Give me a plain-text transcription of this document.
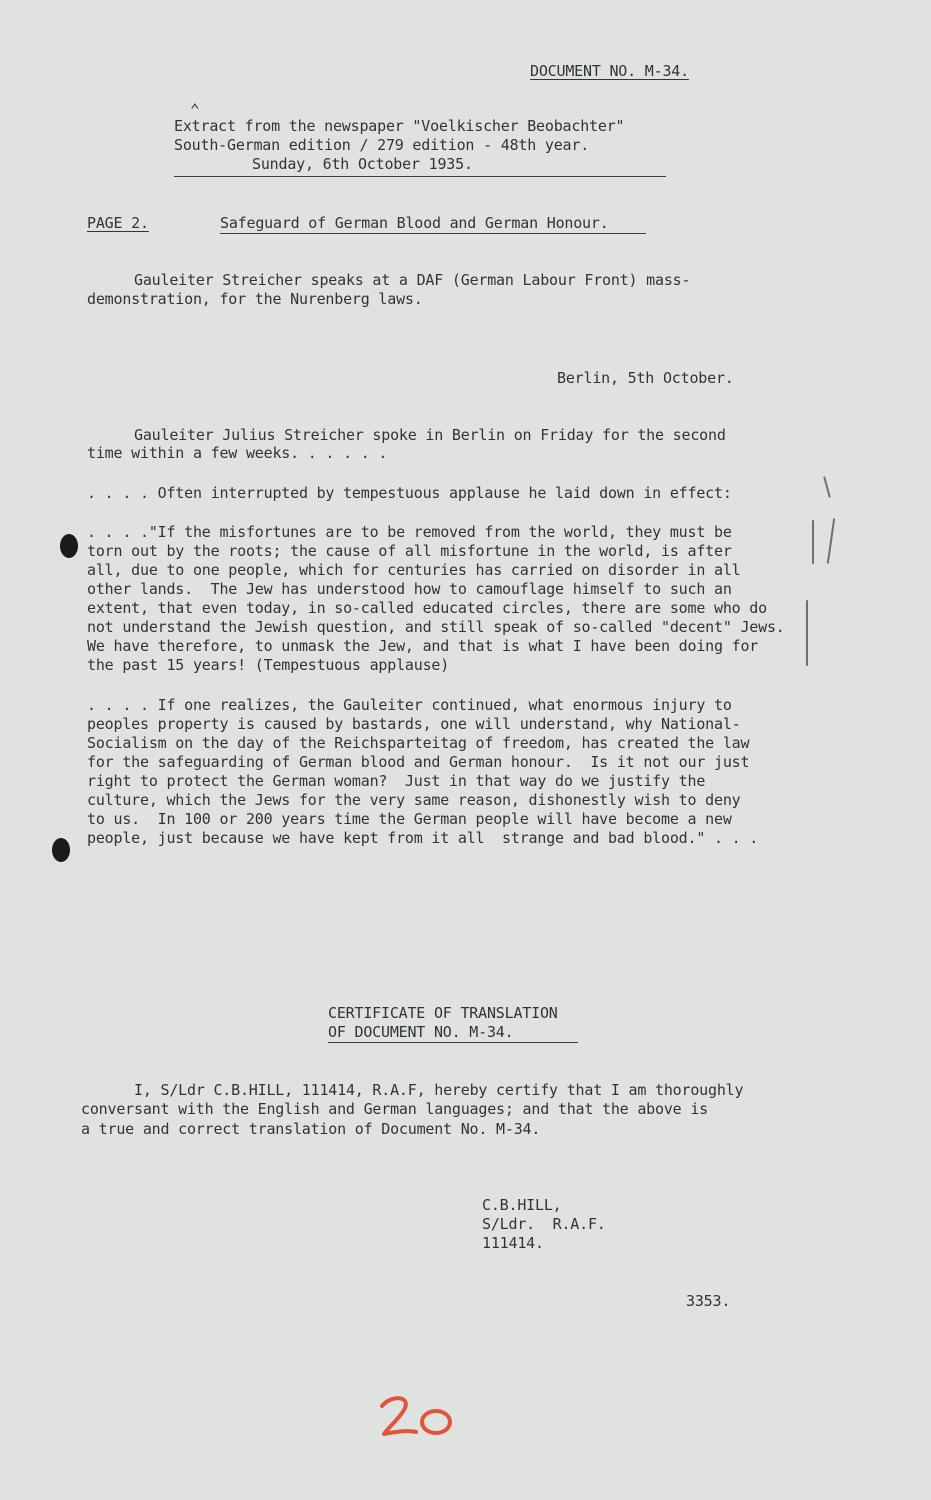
DOCUMENT NO. M-34.
⌃
Extract from the newspaper "Voelkischer Beobachter"
South-German edition / 279 edition - 48th year.
Sunday, 6th October 1935.
PAGE 2.	Safeguard of German Blood and German Honour.
Gauleiter Streicher speaks at a DAF (German Labour Front) mass-
demonstration, for the Nurenberg laws.
Berlin, 5th October.
Gauleiter Julius Streicher spoke in Berlin on Friday for the second
time within a few weeks. . . . . .
. . . . Often interrupted by tempestuous applause he laid down in effect:
. . . ."If the misfortunes are to be removed from the world, they must be
torn out by the roots; the cause of all misfortune in the world, is after
all, due to one people, which for centuries has carried on disorder in all
other lands.  The Jew has understood how to camouflage himself to such an
extent, that even today, in so-called educated circles, there are some who do
not understand the Jewish question, and still speak of so-called "decent" Jews.
We have therefore, to unmask the Jew, and that is what I have been doing for
the past 15 years! (Tempestuous applause)
. . . . If one realizes, the Gauleiter continued, what enormous injury to
peoples property is caused by bastards, one will understand, why National-
Socialism on the day of the Reichsparteitag of freedom, has created the law
for the safeguarding of German blood and German honour.  Is it not our just
right to protect the German woman?  Just in that way do we justify the
culture, which the Jews for the very same reason, dishonestly wish to deny
to us.  In 100 or 200 years time the German people will have become a new
people, just because we have kept from it all  strange and bad blood." . . .
CERTIFICATE OF TRANSLATION
OF DOCUMENT NO. M-34.
I, S/Ldr C.B.HILL, 111414, R.A.F, hereby certify that I am thoroughly
conversant with the English and German languages; and that the above is
a true and correct translation of Document No. M-34.
C.B.HILL,
S/Ldr.  R.A.F.
111414.
3353.
